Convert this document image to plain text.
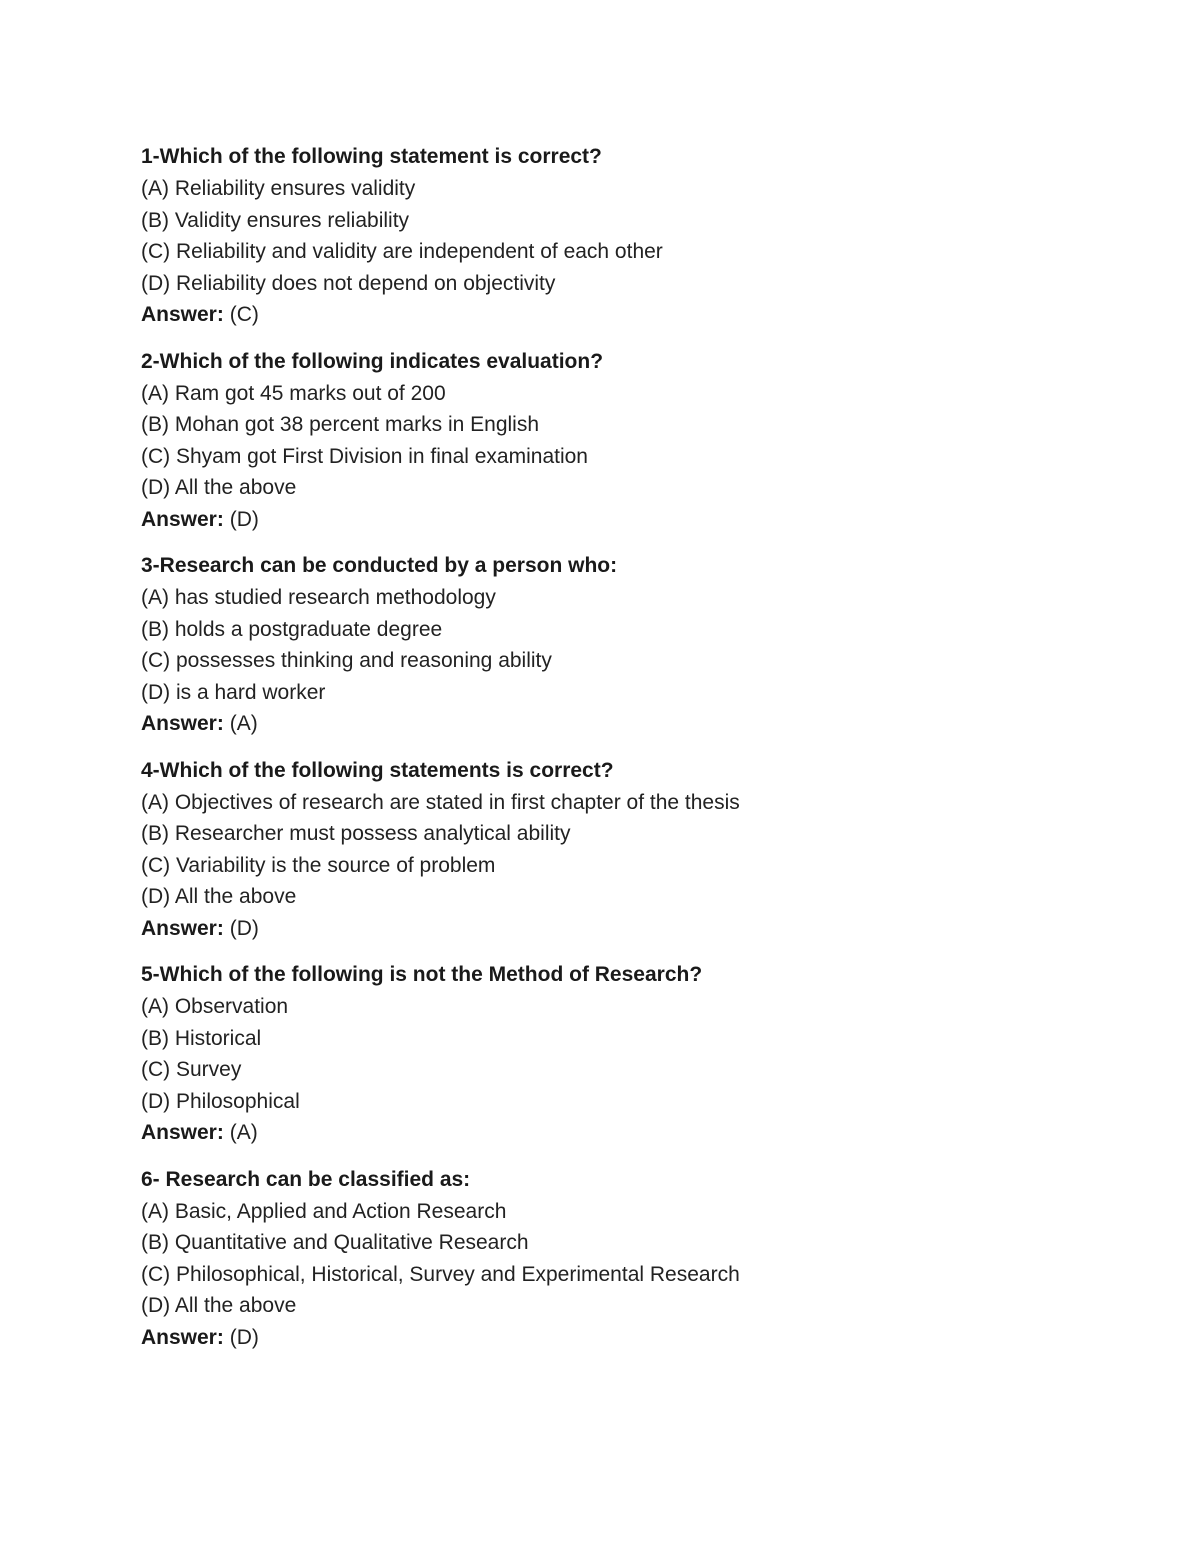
1-Which of the following statement is correct?
(A) Reliability ensures validity
(B) Validity ensures reliability
(C) Reliability and validity are independent of each other
(D) Reliability does not depend on objectivity
Answer: (C)
2-Which of the following indicates evaluation?
(A) Ram got 45 marks out of 200
(B) Mohan got 38 percent marks in English
(C) Shyam got First Division in final examination
(D) All the above
Answer: (D)
3-Research can be conducted by a person who:
(A) has studied research methodology
(B) holds a postgraduate degree
(C) possesses thinking and reasoning ability
(D) is a hard worker
Answer: (A)
4-Which of the following statements is correct?
(A) Objectives of research are stated in first chapter of the thesis
(B) Researcher must possess analytical ability
(C) Variability is the source of problem
(D) All the above
Answer: (D)
5-Which of the following is not the Method of Research?
(A) Observation
(B) Historical
(C) Survey
(D) Philosophical
Answer: (A)
6- Research can be classified as:
(A) Basic, Applied and Action Research
(B) Quantitative and Qualitative Research
(C) Philosophical, Historical, Survey and Experimental Research
(D) All the above
Answer: (D)
